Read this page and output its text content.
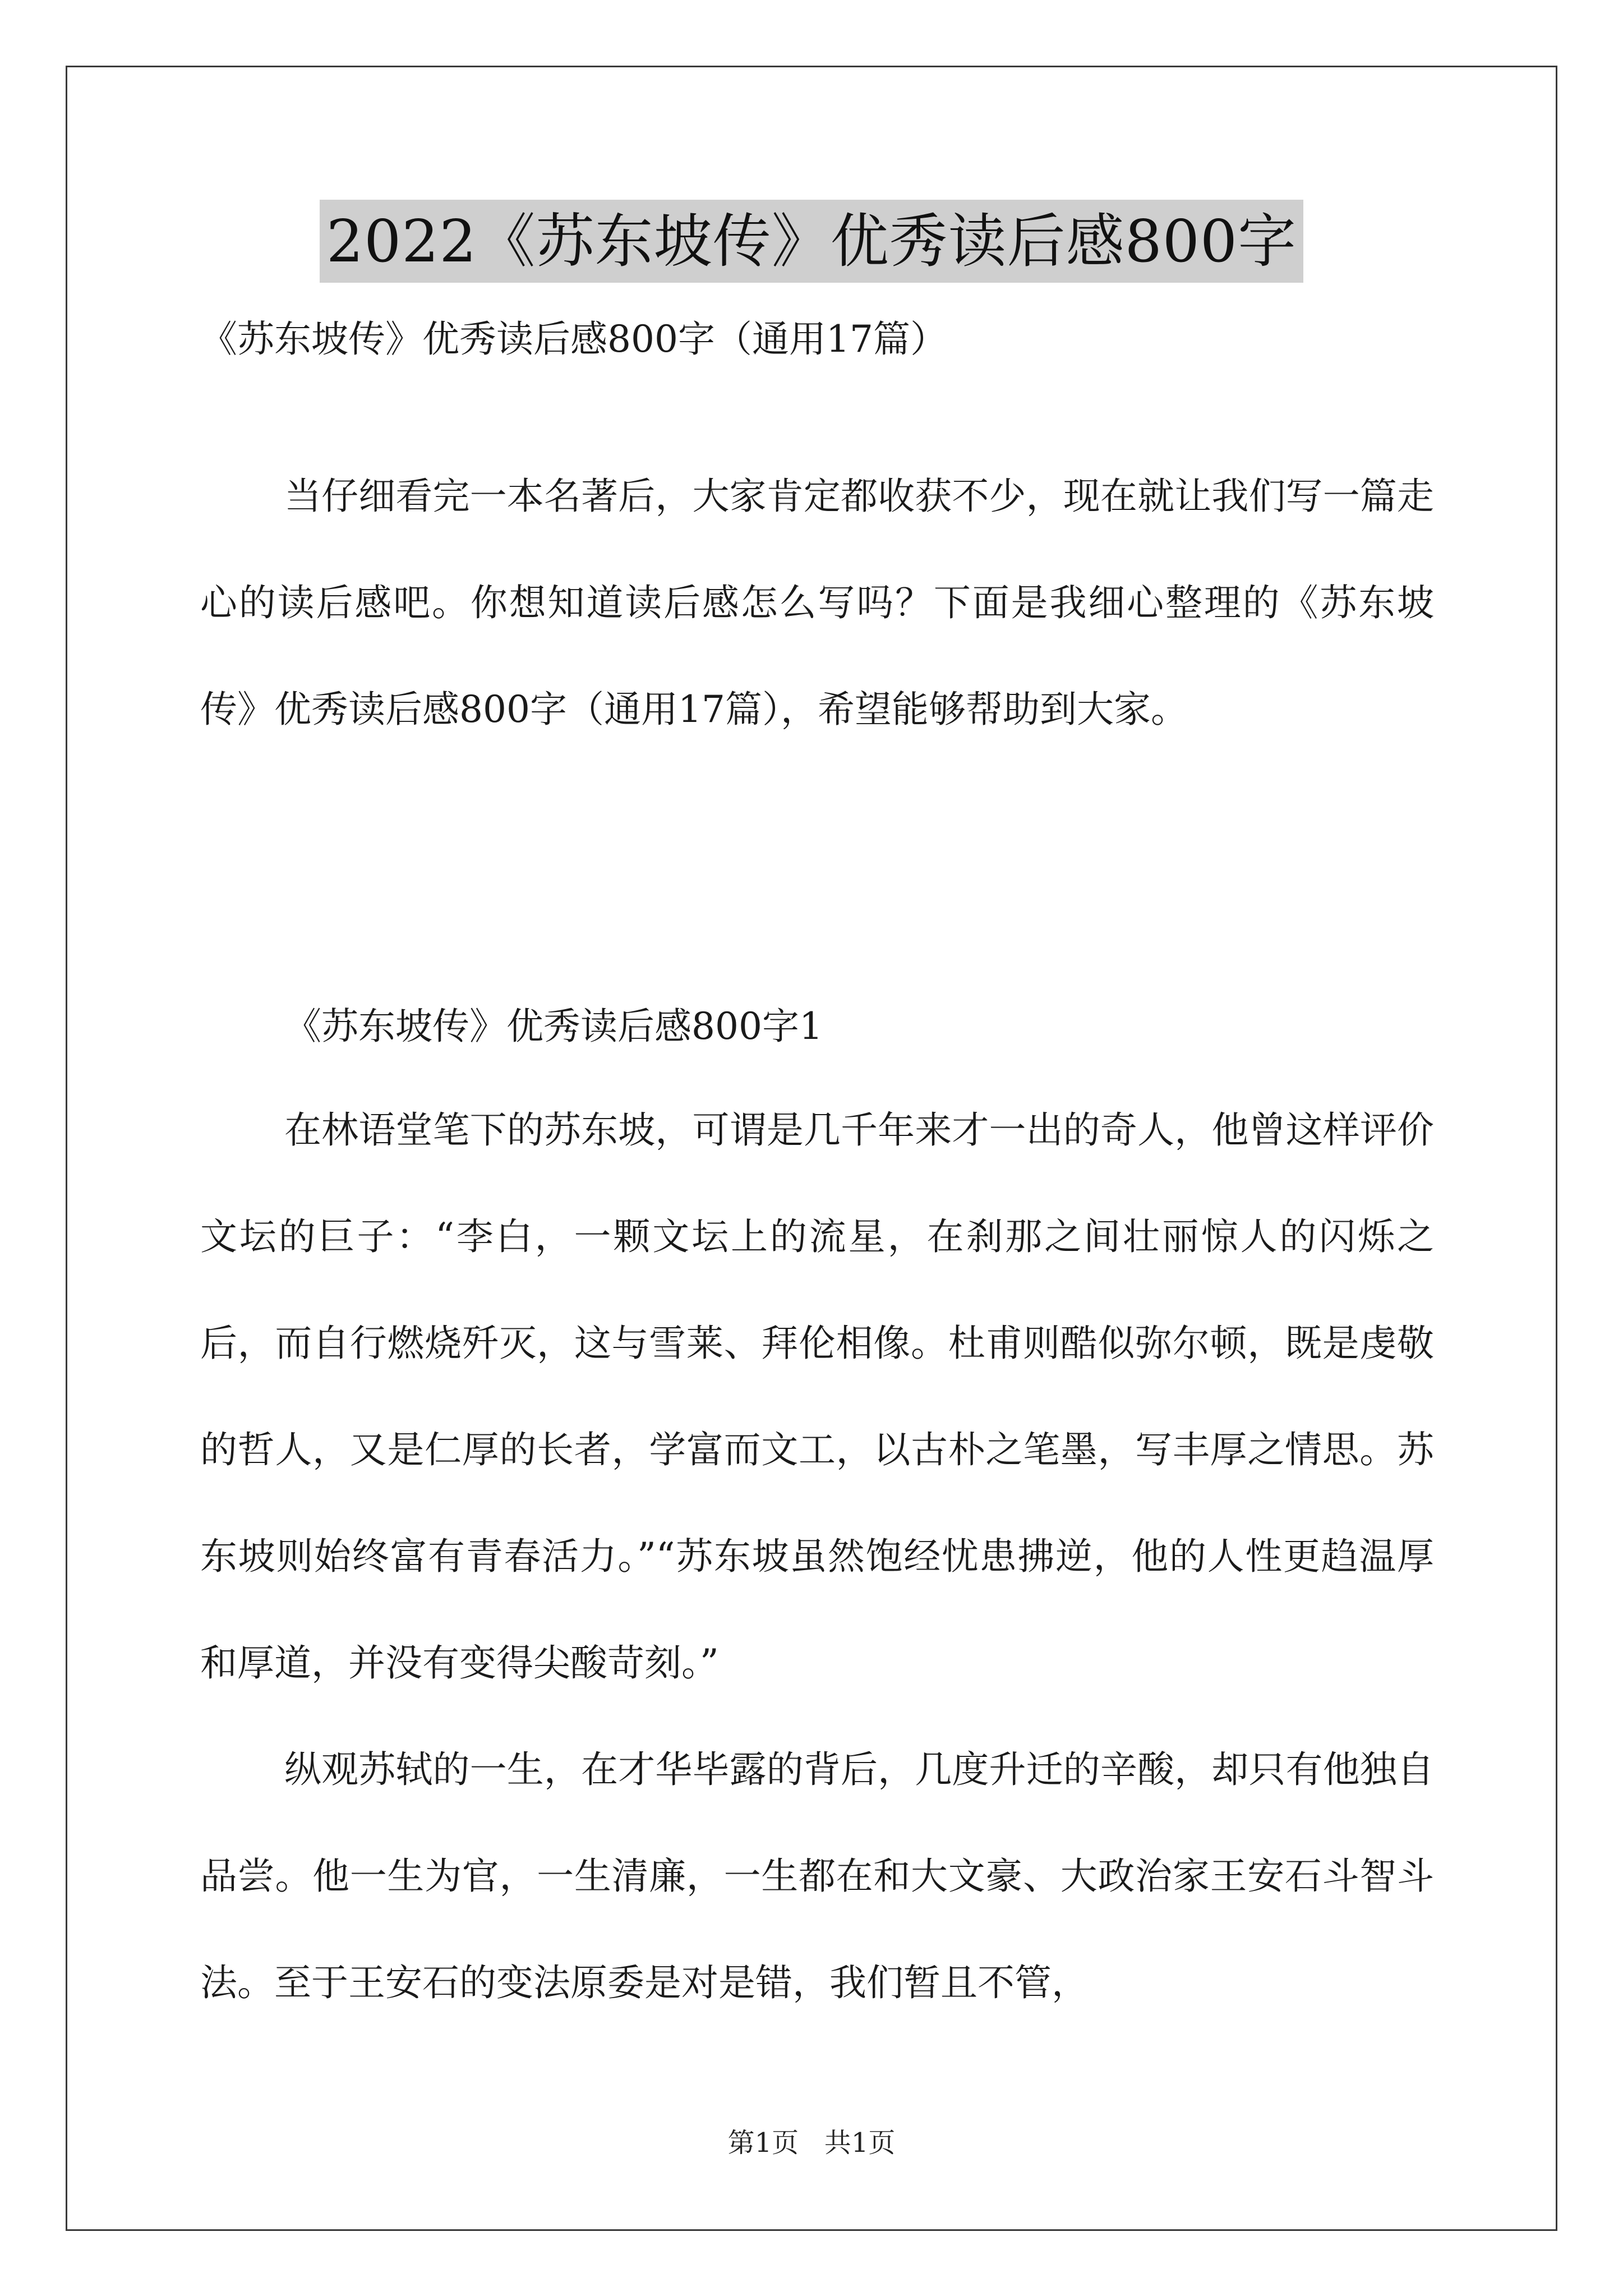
2022《苏东坡传》优秀读后感800字
《苏东坡传》优秀读后感800字（通用17篇）

当仔细看完一本名著后，大家肯定都收获不少，现在就让我们写一篇走心的读后感吧。你想知道读后感怎么写吗？下面是我细心整理的《苏东坡传》优秀读后感800字（通用17篇），希望能够帮助到大家。

《苏东坡传》优秀读后感800字1

在林语堂笔下的苏东坡，可谓是几千年来才一出的奇人，他曾这样评价文坛的巨子：“李白，一颗文坛上的流星，在刹那之间壮丽惊人的闪烁之后，而自行燃烧歼灭，这与雪莱、拜伦相像。杜甫则酷似弥尔顿，既是虔敬的哲人，又是仁厚的长者，学富而文工，以古朴之笔墨，写丰厚之情思。苏东坡则始终富有青春活力。”“苏东坡虽然饱经忧患拂逆，他的人性更趋温厚和厚道，并没有变得尖酸苛刻。”

纵观苏轼的一生，在才华毕露的背后，几度升迁的辛酸，却只有他独自品尝。他一生为官，一生清廉，一生都在和大文豪、大政治家王安石斗智斗法。至于王安石的变法原委是对是错，我们暂且不管，

第1页   共1页
